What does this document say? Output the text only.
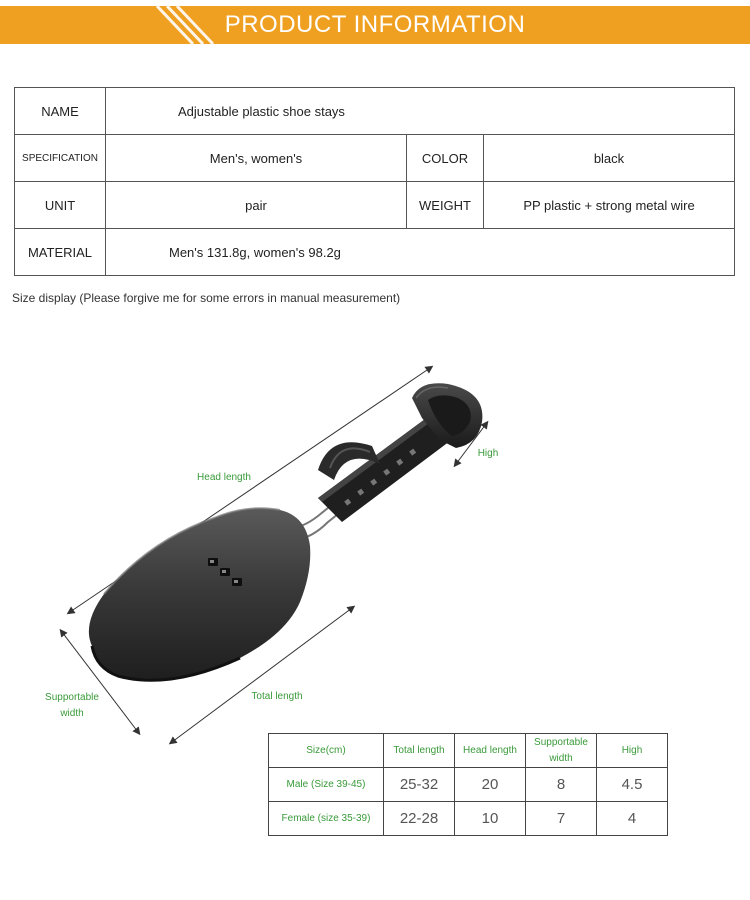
PRODUCT INFORMATION
NAME	Adjustable plastic shoe stays		
SPECIFICATION	Men's, women's	COLOR	black
UNIT	pair	WEIGHT	PP plastic + strong metal wire
MATERIAL	Men's 131.8g, women's 98.2g		
Size display (Please forgive me for some errors in manual measurement)
Head length
High
Supportable
width
Total length
Size(cm)	Total length	Head length	Supportable width	High
Male (Size 39-45)	25-32	20	8	4.5
Female (size 35-39)	22-28	10	7	4
